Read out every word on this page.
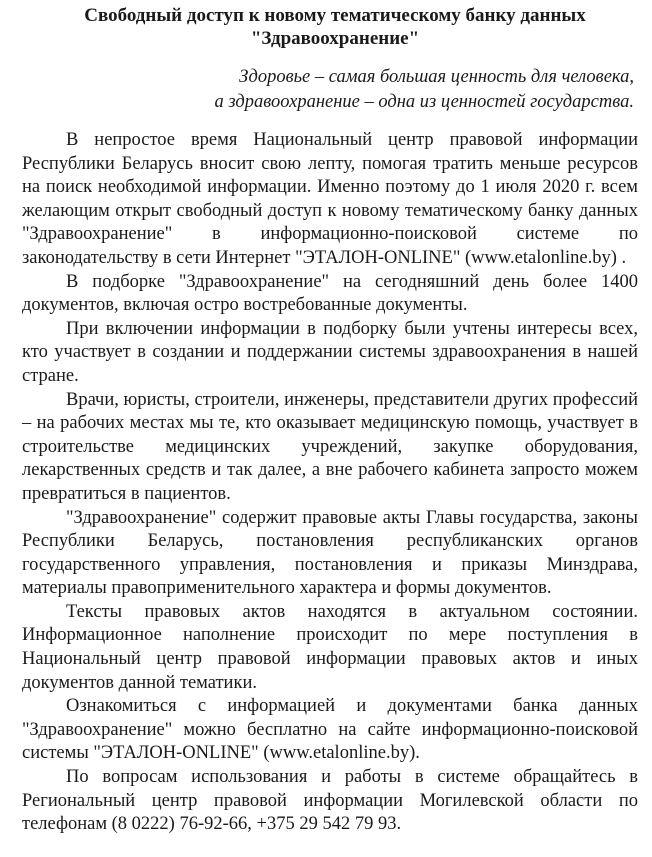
Свободный доступ к новому тематическому банку данных
"Здравоохранение"
Здоровье – самая большая ценность для человека,
а здравоохранение – одна из ценностей государства.

В непростое время Национальный центр правовой информации Республики Беларусь вносит свою лепту, помогая тратить меньше ресурсов на поиск необходимой информации. Именно поэтому до 1 июля 2020 г. всем желающим открыт свободный доступ к новому тематическому банку данных "Здравоохранение" в информационно-поисковой системе по законодательству в сети Интернет "ЭТАЛОН-ONLINE" (www.etalonline.by) .

В подборке "Здравоохранение" на сегодняшний день более 1400 документов, включая остро востребованные документы.

При включении информации в подборку были учтены интересы всех, кто участвует в создании и поддержании системы здравоохранения в нашей стране.

Врачи, юристы, строители, инженеры, представители других профессий – на рабочих местах мы те, кто оказывает медицинскую помощь, участвует в строительстве медицинских учреждений, закупке оборудования, лекарственных средств и так далее, а вне рабочего кабинета запросто можем превратиться в пациентов.

"Здравоохранение" содержит правовые акты Главы государства, законы Республики Беларусь, постановления республиканских органов государственного управления, постановления и приказы Минздрава, материалы правоприменительного характера и формы документов.

Тексты правовых актов находятся в актуальном состоянии. Информационное наполнение происходит по мере поступления в Национальный центр правовой информации правовых актов и иных документов данной тематики.

Ознакомиться с информацией и документами банка данных "Здравоохранение" можно бесплатно на сайте информационно-поисковой системы "ЭТАЛОН-ONLINE" (www.etalonline.by).

По вопросам использования и работы в системе обращайтесь в Региональный центр правовой информации Могилевской области по телефонам (8 0222) 76-92-66, +375 29 542 79 93.
